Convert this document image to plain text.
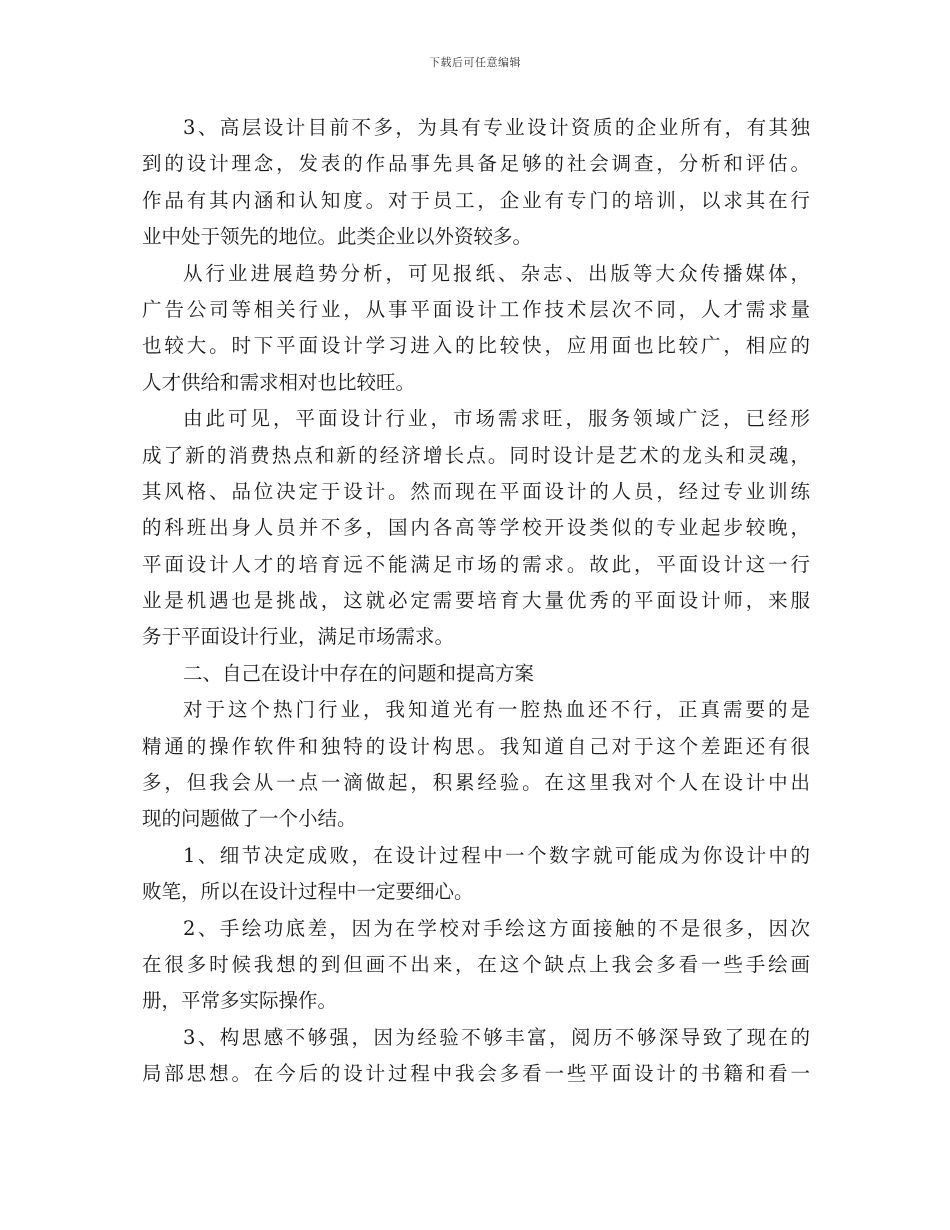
下载后可任意编辑
3、高层设计目前不多，为具有专业设计资质的企业所有，有其独
到的设计理念，发表的作品事先具备足够的社会调查，分析和评估。
作品有其内涵和认知度。对于员工，企业有专门的培训，以求其在行
业中处于领先的地位。此类企业以外资较多。
从行业进展趋势分析，可见报纸、杂志、出版等大众传播媒体，
广告公司等相关行业，从事平面设计工作技术层次不同，人才需求量
也较大。时下平面设计学习进入的比较快，应用面也比较广，相应的
人才供给和需求相对也比较旺。
由此可见，平面设计行业，市场需求旺，服务领域广泛，已经形
成了新的消费热点和新的经济增长点。同时设计是艺术的龙头和灵魂，
其风格、品位决定于设计。然而现在平面设计的人员，经过专业训练
的科班出身人员并不多，国内各高等学校开设类似的专业起步较晚，
平面设计人才的培育远不能满足市场的需求。故此，平面设计这一行
业是机遇也是挑战，这就必定需要培育大量优秀的平面设计师，来服
务于平面设计行业，满足市场需求。
二、自己在设计中存在的问题和提高方案
对于这个热门行业，我知道光有一腔热血还不行，正真需要的是
精通的操作软件和独特的设计构思。我知道自己对于这个差距还有很
多，但我会从一点一滴做起，积累经验。在这里我对个人在设计中出
现的问题做了一个小结。
1、细节决定成败，在设计过程中一个数字就可能成为你设计中的
败笔，所以在设计过程中一定要细心。
2、手绘功底差，因为在学校对手绘这方面接触的不是很多，因次
在很多时候我想的到但画不出来，在这个缺点上我会多看一些手绘画
册，平常多实际操作。
3、构思感不够强，因为经验不够丰富，阅历不够深导致了现在的
局部思想。在今后的设计过程中我会多看一些平面设计的书籍和看一
